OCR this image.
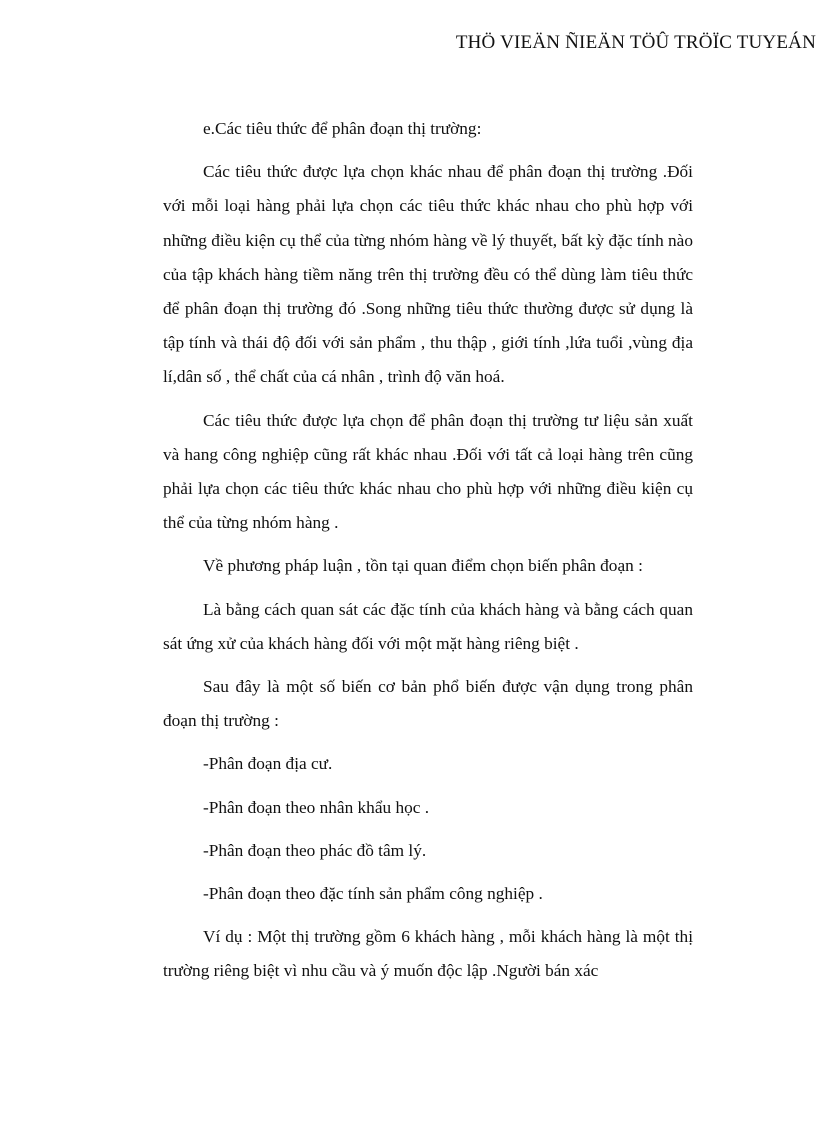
THÖ VIEÄN ÑIEÄN TÖÛ TRÖÏC TUYEÁN

e.Các tiêu thức để phân đoạn thị trường:

Các tiêu thức được lựa chọn khác nhau để phân đoạn thị trường .Đối với mỗi loại hàng phải lựa chọn các tiêu thức khác nhau cho phù hợp với những điều kiện cụ thể của từng nhóm hàng về lý thuyết, bất kỳ đặc tính nào của tập khách hàng tiềm năng trên thị trường đều có thể dùng làm tiêu thức để phân đoạn thị trường đó .Song những tiêu thức thường được sử dụng là tập tính và thái độ đối với sản phẩm , thu thập , giới tính ,lứa tuổi ,vùng địa lí,dân số , thể chất của cá nhân , trình độ văn hoá.

Các tiêu thức được lựa chọn để phân đoạn thị trường tư liệu sản xuất và hang công nghiệp cũng rất khác nhau .Đối với tất cả loại hàng trên cũng phải lựa chọn các tiêu thức khác nhau cho phù hợp với những điều kiện cụ thể của từng nhóm hàng .

Về phương pháp luận , tồn tại quan điểm chọn biến phân đoạn :

Là bằng cách quan sát các đặc tính của khách hàng và bằng cách quan sát ứng xử của khách hàng đối với một mặt hàng riêng biệt .

Sau đây là một số biến cơ bản phổ biến được vận dụng trong phân đoạn thị trường :

-Phân đoạn địa cư.

-Phân đoạn theo nhân khẩu học .

-Phân đoạn theo phác đồ tâm lý.

-Phân đoạn theo đặc tính sản phẩm công nghiệp .

Ví dụ : Một thị trường gồm 6 khách hàng , mỗi khách hàng là một thị trường riêng biệt vì nhu cầu và ý muốn độc lập .Người bán xác
